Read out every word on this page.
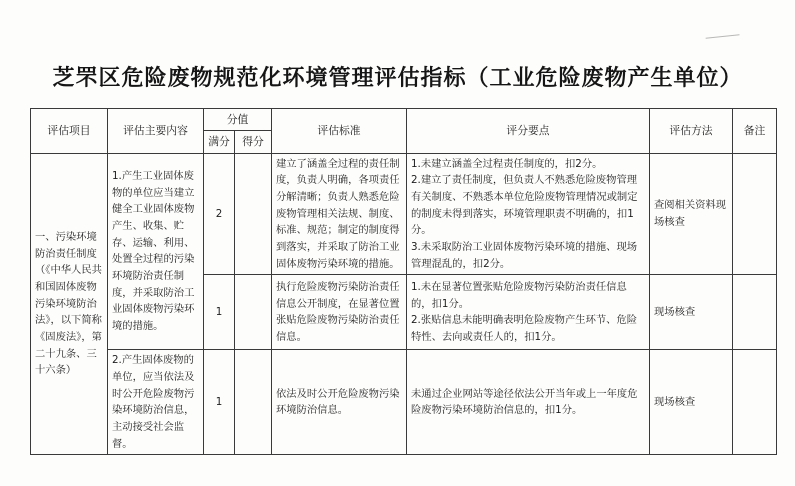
芝罘区危险废物规范化环境管理评估指标（工业危险废物产生单位）
评估项目	评估主要内容	分值		评估标准	评分要点	评估方法	备注
		满分	得分				
一、污染环境防治责任制度（《中华人民共和国固体废物污染环境防治法》，以下简称《固废法》，第二十九条、三十六条）	1.产生工业固体废物的单位应当建立健全工业固体废物产生、收集、贮存、运输、利用、处置全过程的污染环境防治责任制度，并采取防治工业固体废物污染环境的措施。	2		建立了涵盖全过程的责任制度，负责人明确，各项责任分解清晰；负责人熟悉危险废物管理相关法规、制度、标准、规范；制定的制度得到落实，并采取了防治工业固体废物污染环境的措施。	1.未建立涵盖全过程责任制度的，扣2分。
2.建立了责任制度，但负责人不熟悉危险废物管理有关制度、不熟悉本单位危险废物管理情况或制定的制度未得到落实，环境管理职责不明确的，扣1分。
3.未采取防治工业固体废物污染环境的措施、现场管理混乱的，扣2分。	查阅相关资料现场核查	
		1		执行危险废物污染防治责任信息公开制度，在显著位置张贴危险废物污染防治责任信息。	1.未在显著位置张贴危险废物污染防治责任信息的，扣1分。
2.张贴信息未能明确表明危险废物产生环节、危险特性、去向或责任人的，扣1分。	现场核查	
	2.产生固体废物的单位，应当依法及时公开危险废物污染环境防治信息，主动接受社会监督。	1		依法及时公开危险废物污染环境防治信息。	未通过企业网站等途径依法公开当年或上一年度危险废物污染环境防治信息的，扣1分。	现场核查	
